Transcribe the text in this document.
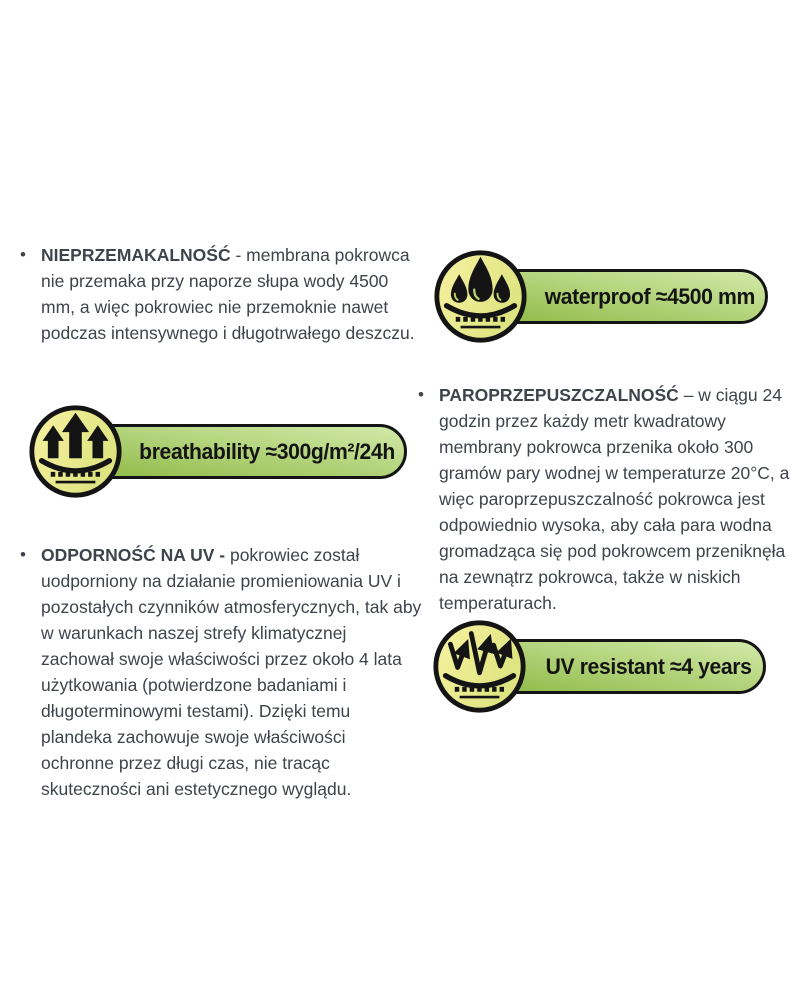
• NIEPRZEMAKALNOŚĆ - membrana pokrowca nie przemaka przy naporze słupa wody 4500 mm, a więc pokrowiec nie przemoknie nawet podczas intensywnego i długotrwałego deszczu.

waterproof ≈4500 mm
breathability ≈300g/m²/24h
• PAROPRZEPUSZCZALNOŚĆ – w ciągu 24 godzin przez każdy metr kwadratowy membrany pokrowca przenika około 300 gramów pary wodnej w temperaturze 20°C, a więc paroprzepuszczalność pokrowca jest odpowiednio wysoka, aby cała para wodna gromadząca się pod pokrowcem przeniknęła na zewnątrz pokrowca, także w niskich temperaturach.

• ODPORNOŚĆ NA UV - pokrowiec został uodporniony na działanie promieniowania UV i pozostałych czynników atmosferycznych, tak aby w warunkach naszej strefy klimatycznej zachował swoje właściwości przez około 4 lata użytkowania (potwierdzone badaniami i długoterminowymi testami). Dzięki temu plandeka zachowuje swoje właściwości ochronne przez długi czas, nie tracąc skuteczności ani estetycznego wyglądu.

UV resistant ≈4 years
